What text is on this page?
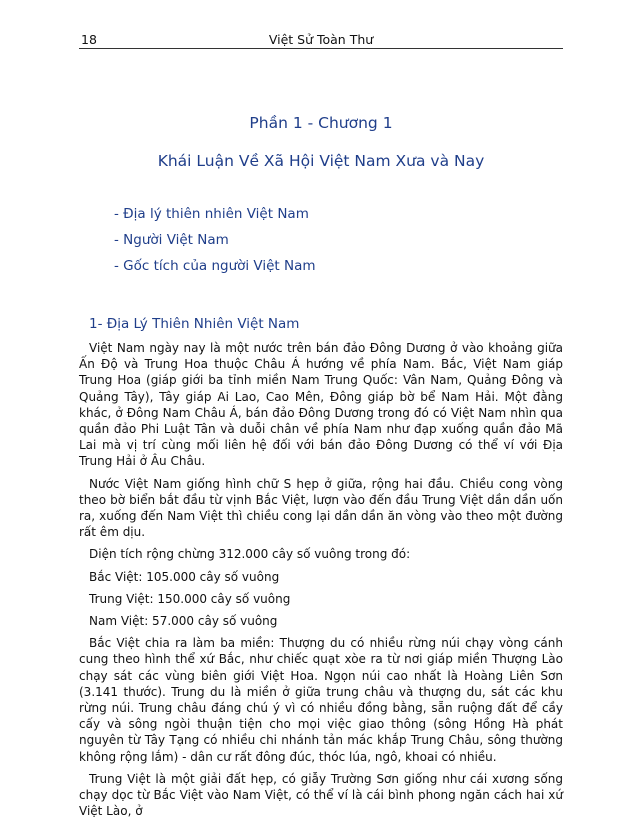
18	Việt Sử Toàn Thư
Phần 1 - Chương 1
Khái Luận Về Xã Hội Việt Nam Xưa và Nay
- Địa lý thiên nhiên Việt Nam
- Người Việt Nam
- Gốc tích của người Việt Nam
1- Địa Lý Thiên Nhiên Việt Nam

Việt Nam ngày nay là một nước trên bán đảo Đông Dương ở vào khoảng giữa Ấn Độ và Trung Hoa thuộc Châu Á hướng về phía Nam. Bắc, Việt Nam giáp Trung Hoa (giáp giới ba tỉnh miền Nam Trung Quốc: Vân Nam, Quảng Đông và Quảng Tây), Tây giáp Ai Lao, Cao Mên, Đông giáp bờ bể Nam Hải. Một đằng khác, ở Đông Nam Châu Á, bán đảo Đông Dương trong đó có Việt Nam nhìn qua quần đảo Phi Luật Tân và duỗi chân về phía Nam như đạp xuống quần đảo Mã Lai mà vị trí cùng mối liên hệ đối với bán đảo Đông Dương có thể ví với Địa Trung Hải ở Âu Châu.

Nước Việt Nam giống hình chữ S hẹp ở giữa, rộng hai đầu. Chiều cong vòng theo bờ biển bắt đầu từ vịnh Bắc Việt, lượn vào đến đầu Trung Việt dần dần uốn ra, xuống đến Nam Việt thì chiều cong lại dần dần ăn vòng vào theo một đường rất êm dịu.

Diện tích rộng chừng 312.000 cây số vuông trong đó:

Bắc Việt: 105.000 cây số vuông

Trung Việt: 150.000 cây số vuông

Nam Việt: 57.000 cây số vuông

Bắc Việt chia ra làm ba miền: Thượng du có nhiều rừng núi chạy vòng cánh cung theo hình thể xứ Bắc, như chiếc quạt xòe ra từ nơi giáp miền Thượng Lào chạy sát các vùng biên giới Việt Hoa. Ngọn núi cao nhất là Hoàng Liên Sơn (3.141 thước). Trung du là miền ở giữa trung châu và thượng du, sát các khu rừng núi. Trung châu đáng chú ý vì có nhiều đồng bằng, sẵn ruộng đất để cầy cấy và sông ngòi thuận tiện cho mọi việc giao thông (sông Hồng Hà phát nguyên từ Tây Tạng có nhiều chi nhánh tản mác khắp Trung Châu, sông thường không rộng lắm) - dân cư rất đông đúc, thóc lúa, ngô, khoai có nhiều.

Trung Việt là một giải đất hẹp, có giẫy Trường Sơn giống như cái xương sống chạy dọc từ Bắc Việt vào Nam Việt, có thể ví là cái bình phong ngăn cách hai xứ Việt Lào, ở
